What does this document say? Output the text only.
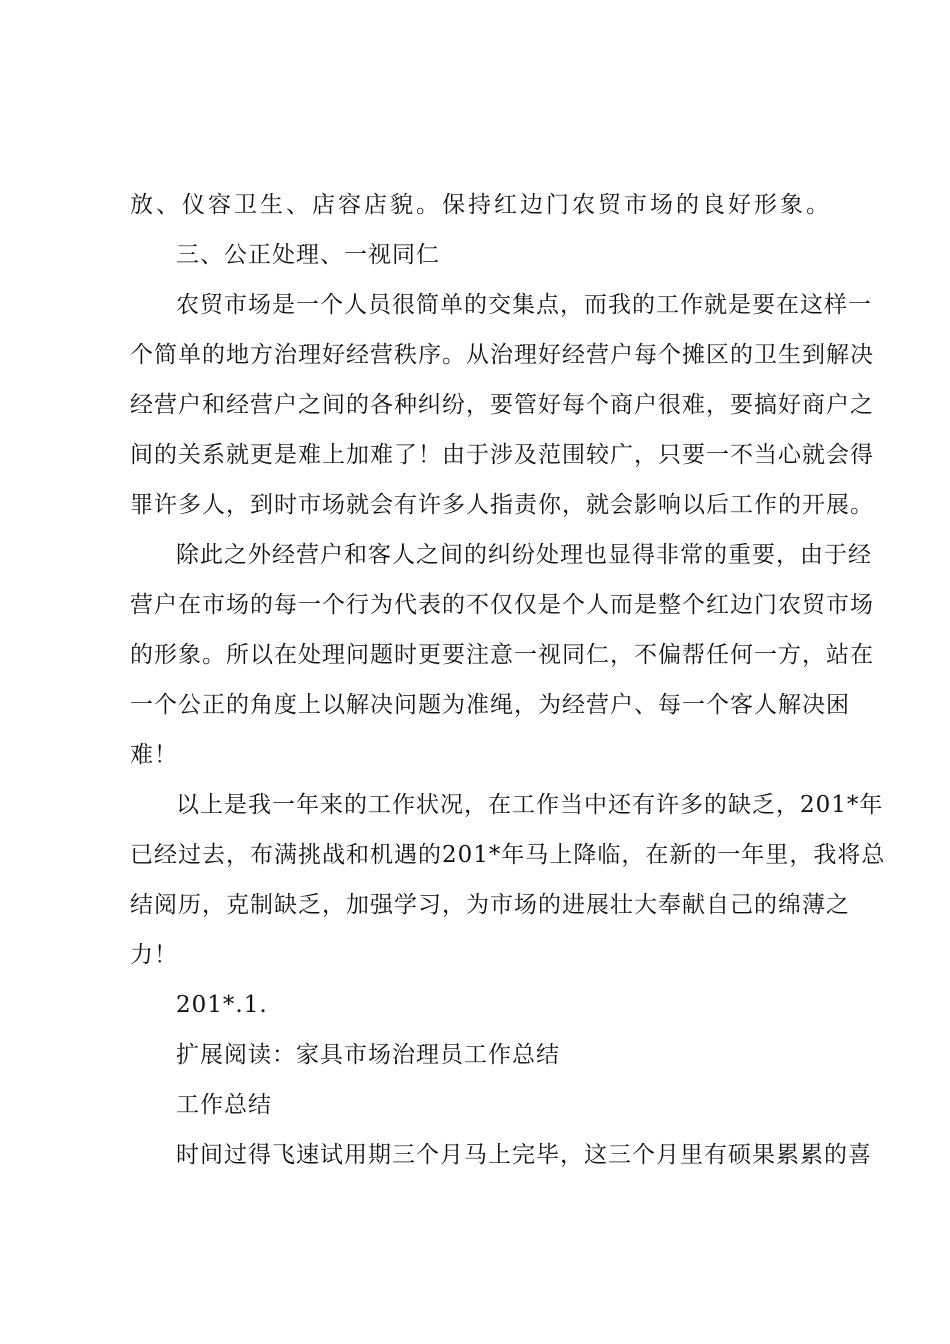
放、仪容卫生、店容店貌。保持红边门农贸市场的良好形象。
三、公正处理、一视同仁
农贸市场是一个人员很简单的交集点，而我的工作就是要在这样一
个简单的地方治理好经营秩序。从治理好经营户每个摊区的卫生到解决
经营户和经营户之间的各种纠纷，要管好每个商户很难，要搞好商户之
间的关系就更是难上加难了！由于涉及范围较广，只要一不当心就会得
罪许多人，到时市场就会有许多人指责你，就会影响以后工作的开展。
除此之外经营户和客人之间的纠纷处理也显得非常的重要，由于经
营户在市场的每一个行为代表的不仅仅是个人而是整个红边门农贸市场
的形象。所以在处理问题时更要注意一视同仁，不偏帮任何一方，站在
一个公正的角度上以解决问题为准绳，为经营户、每一个客人解决困
难！
以上是我一年来的工作状况，在工作当中还有许多的缺乏，201*年
已经过去，布满挑战和机遇的201*年马上降临，在新的一年里，我将总
结阅历，克制缺乏，加强学习，为市场的进展壮大奉献自己的绵薄之
力！
201*.1.
扩展阅读：家具市场治理员工作总结
工作总结
时间过得飞速试用期三个月马上完毕，这三个月里有硕果累累的喜
